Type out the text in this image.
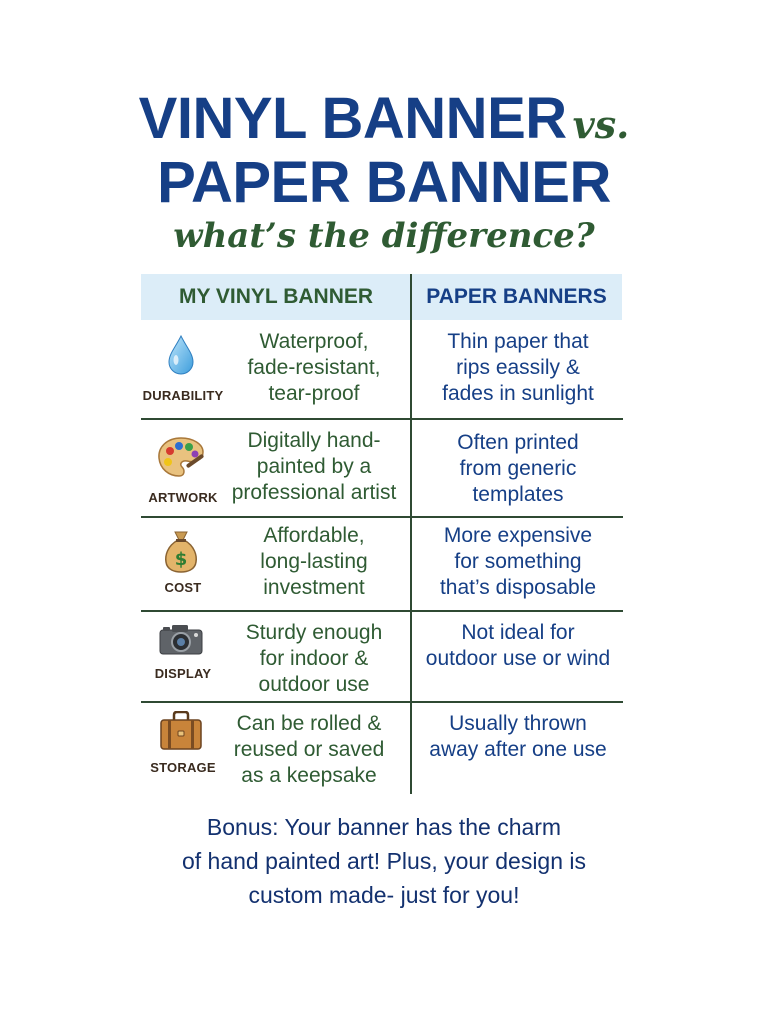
VINYL BANNER vs.
PAPER BANNER
what’s the difference?
MY VINYL BANNER	PAPER BANNERS
DURABILITY
Waterproof,
fade-resistant,
tear-proof
Thin paper that
rips eassily &
fades in sunlight
ARTWORK
Digitally hand-
painted by a
professional artist
Often printed
from generic
templates
$
COST
Affordable,
long-lasting
investment
More expensive
for something
that’s disposable
DISPLAY
Sturdy enough
for indoor &
outdoor use
Not ideal for
outdoor use or wind
STORAGE
Can be rolled &
reused or saved
as a keepsake
Usually thrown
away after one use
Bonus: Your banner has the charm
of hand painted art! Plus, your design is
custom made- just for you!
